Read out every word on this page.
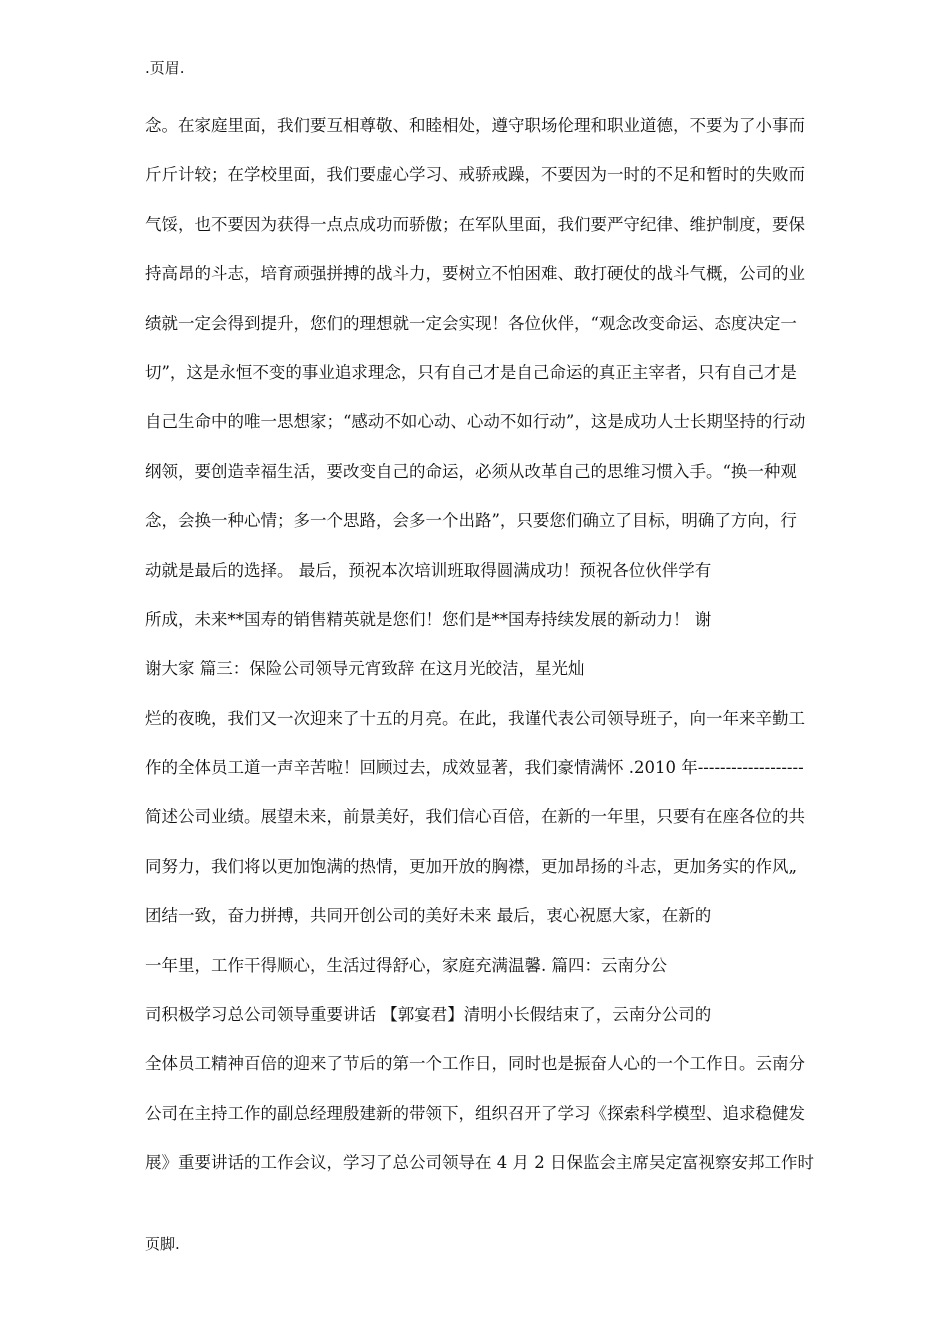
.页眉.
念。在家庭里面，我们要互相尊敬、和睦相处，遵守职场伦理和职业道德，不要为了小事而
斤斤计较；在学校里面，我们要虚心学习、戒骄戒躁，不要因为一时的不足和暂时的失败而
气馁，也不要因为获得一点点成功而骄傲；在军队里面，我们要严守纪律、维护制度，要保
持高昂的斗志，培育顽强拼搏的战斗力，要树立不怕困难、敢打硬仗的战斗气概，公司的业
绩就一定会得到提升，您们的理想就一定会实现！各位伙伴，“观念改变命运、态度决定一
切”，这是永恒不变的事业追求理念，只有自己才是自己命运的真正主宰者，只有自己才是
自己生命中的唯一思想家；“感动不如心动、心动不如行动”，这是成功人士长期坚持的行动
纲领，要创造幸福生活，要改变自己的命运，必须从改革自己的思维习惯入手。“换一种观
念，会换一种心情；多一个思路，会多一个出路”，只要您们确立了目标，明确了方向，行
动就是最后的选择。 最后，预祝本次培训班取得圆满成功！预祝各位伙伴学有
所成，未来**国寿的销售精英就是您们！您们是**国寿持续发展的新动力！ 谢
谢大家 篇三：保险公司领导元宵致辞 在这月光皎洁，星光灿
烂的夜晚，我们又一次迎来了十五的月亮。在此，我谨代表公司领导班子，向一年来辛勤工
作的全体员工道一声辛苦啦！回顾过去，成效显著，我们豪情满怀 .2010 年-------------------
简述公司业绩。展望未来，前景美好，我们信心百倍，在新的一年里，只要有在座各位的共
同努力，我们将以更加饱满的热情，更加开放的胸襟，更加昂扬的斗志，更加务实的作风„
团结一致，奋力拼搏，共同开创公司的美好未来 最后，衷心祝愿大家，在新的
一年里，工作干得顺心，生活过得舒心，家庭充满温馨. 篇四：云南分公
司积极学习总公司领导重要讲话 【郭宴君】清明小长假结束了，云南分公司的
全体员工精神百倍的迎来了节后的第一个工作日，同时也是振奋人心的一个工作日。云南分
公司在主持工作的副总经理殷建新的带领下，组织召开了学习《探索科学模型、追求稳健发
展》重要讲话的工作会议，学习了总公司领导在 4 月 2 日保监会主席吴定富视察安邦工作时
页脚.
